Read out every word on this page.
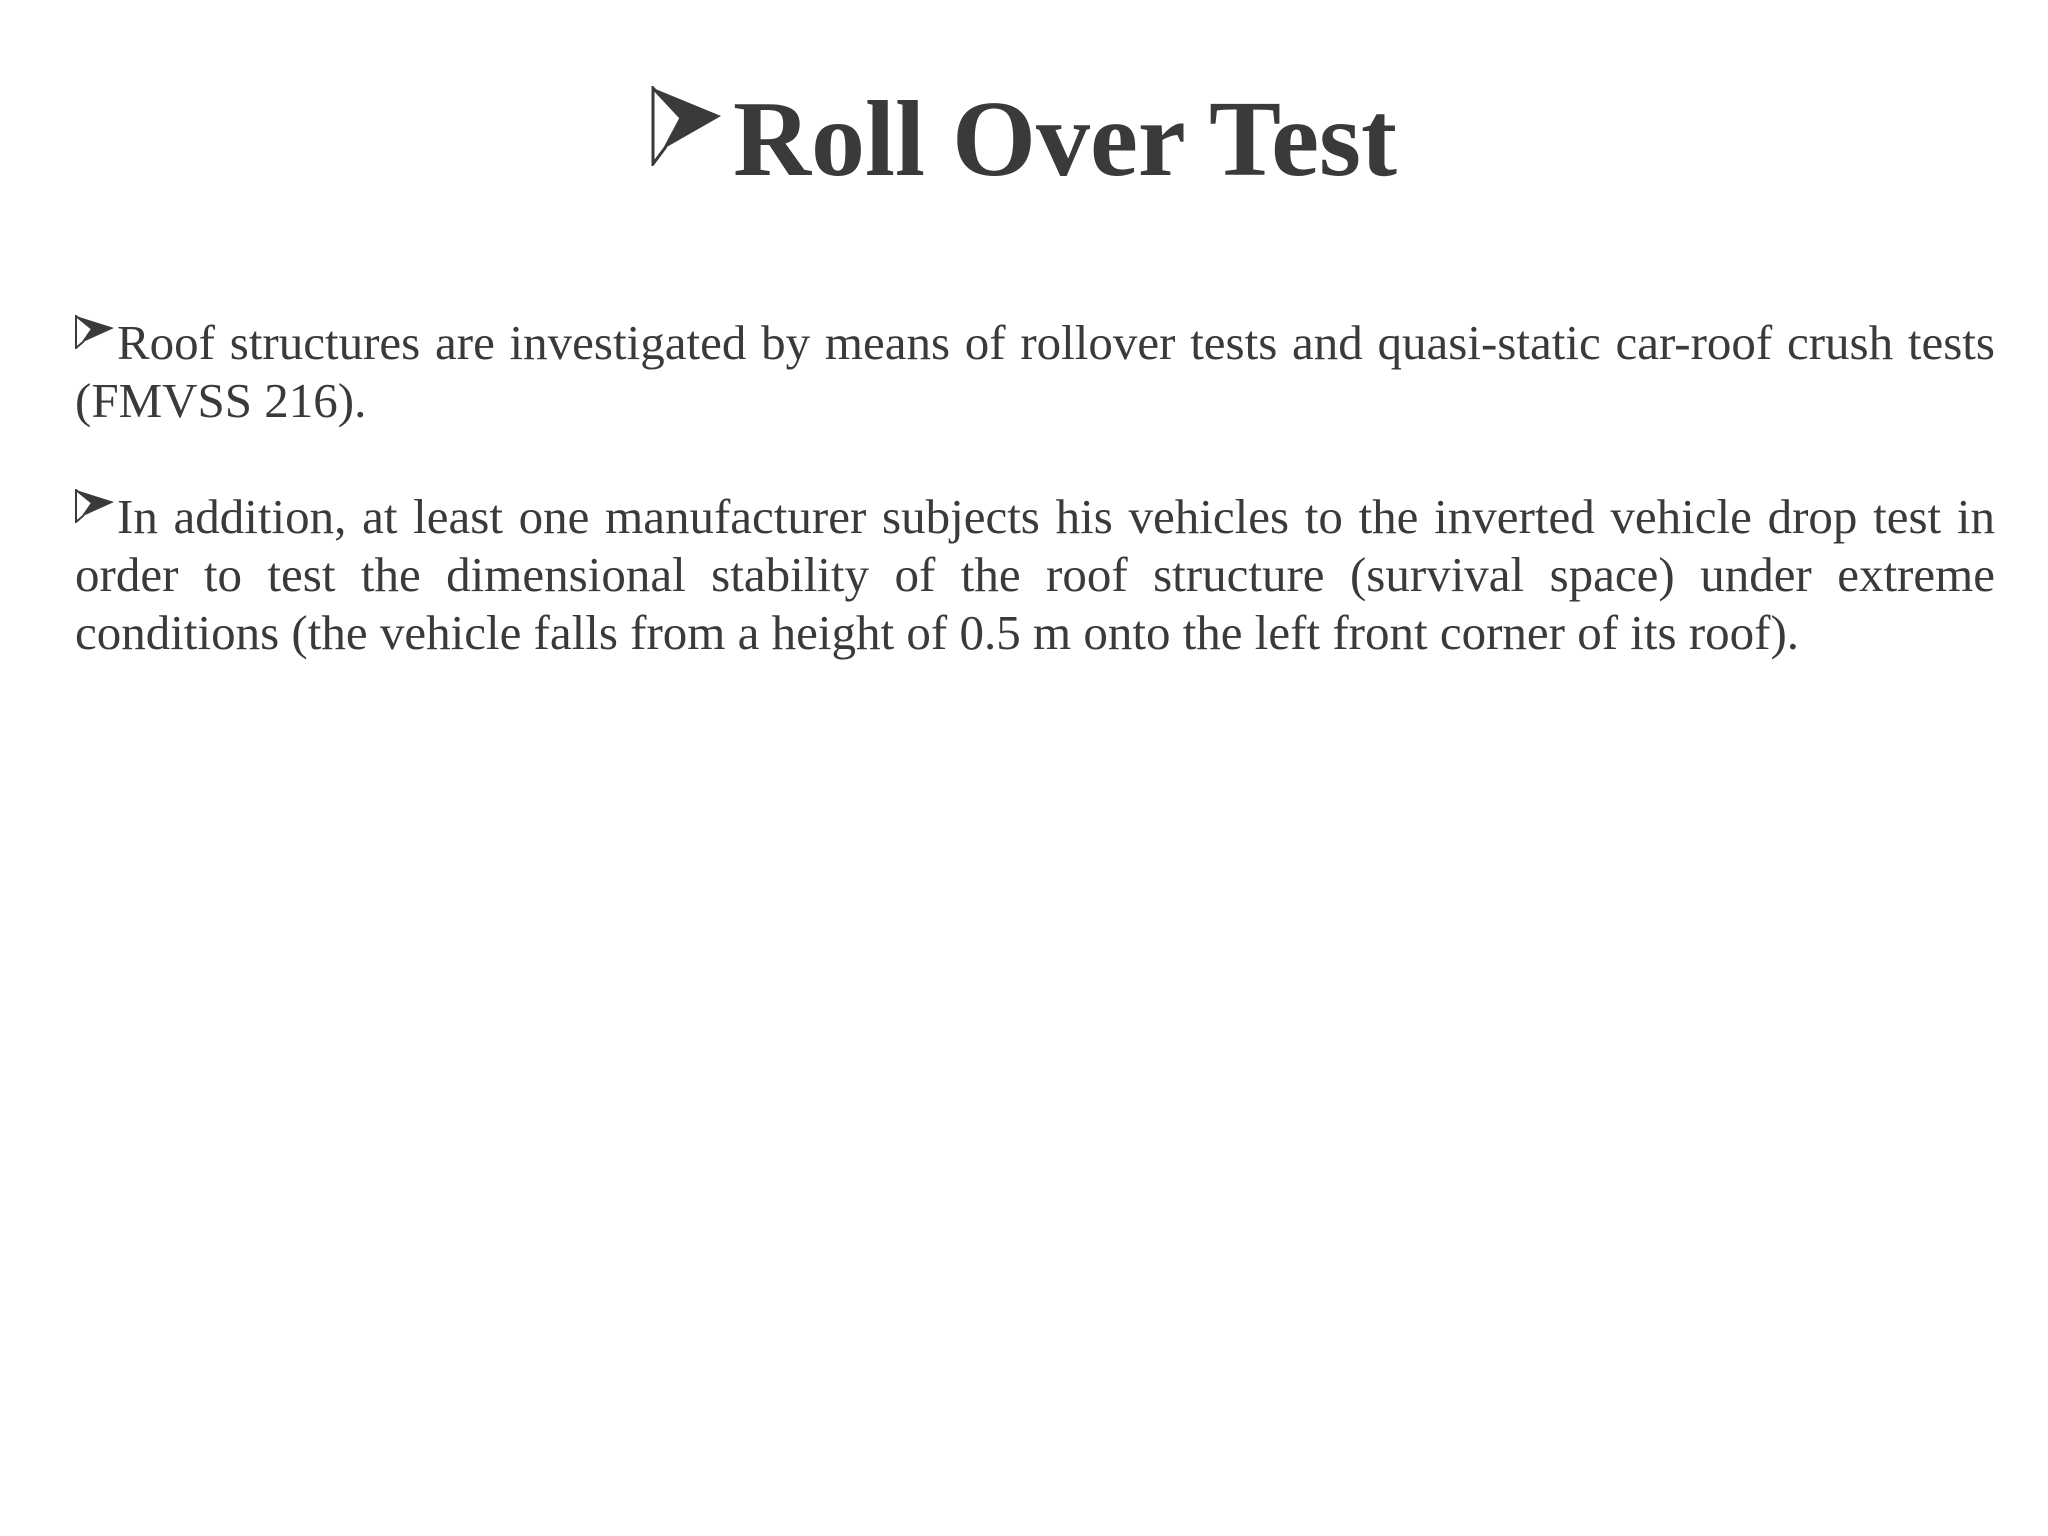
Roll Over Test
Roof structures are investigated by means of rollover tests and quasi-static car-roof crush tests (FMVSS 216).
In addition, at least one manufacturer subjects his vehicles to the inverted vehicle drop test in order to test the dimensional stability of the roof structure (survival space) under extreme conditions (the vehicle falls from a height of 0.5 m onto the left front corner of its roof).
